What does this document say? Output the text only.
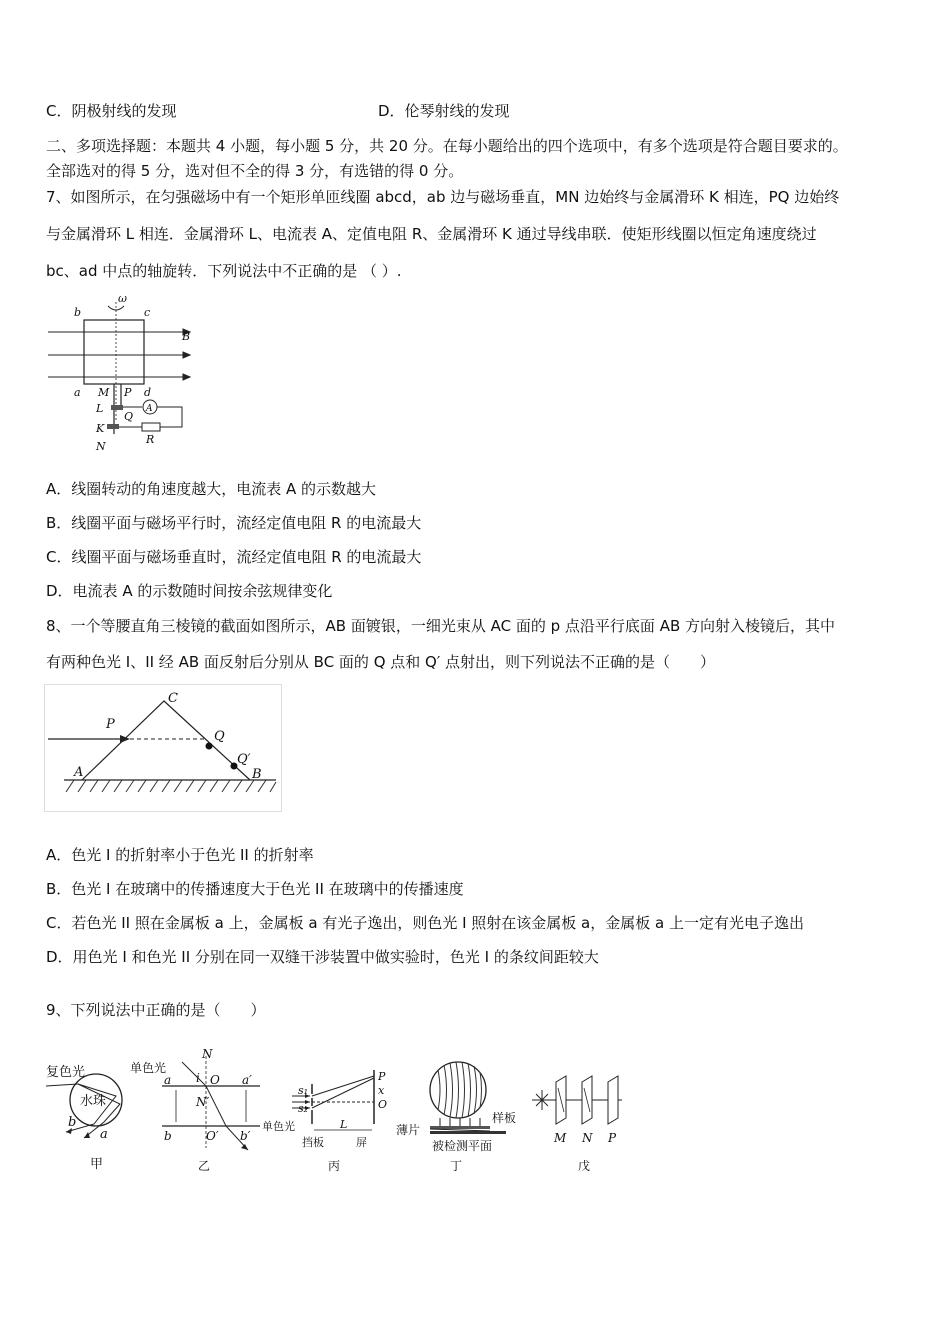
C．阴极射线的发现	D．伦琴射线的发现
二、多项选择题：本题共 4 小题，每小题 5 分，共 20 分。在每小题给出的四个选项中，有多个选项是符合题目要求的。
全部选对的得 5 分，选对但不全的得 3 分，有选错的得 0 分。
7、如图所示，在匀强磁场中有一个矩形单匝线圈 abcd，ab 边与磁场垂直，MN 边始终与金属滑环 K 相连，PQ 边始终
与金属滑环 L 相连．金属滑环 L、电流表 A、定值电阻 R、金属滑环 K 通过导线串联．使矩形线圈以恒定角速度绕过
bc、ad 中点的轴旋转．下列说法中不正确的是 （ ）.
b	c
ω
B
a M P d
L
Q
A
K
R
N
A．线圈转动的角速度越大，电流表 A 的示数越大
B．线圈平面与磁场平行时，流经定值电阻 R 的电流最大
C．线圈平面与磁场垂直时，流经定值电阻 R 的电流最大
D．电流表 A 的示数随时间按余弦规律变化
8、一个等腰直角三棱镜的截面如图所示，AB 面镀银，一细光束从 AC 面的 p 点沿平行底面 AB 方向射入棱镜后，其中
有两种色光 I、II 经 AB 面反射后分别从 BC 面的 Q 点和 Q′ 点射出，则下列说法不正确的是（　　）
C
P
Q
Q′
A	B
A．色光 I 的折射率小于色光 II 的折射率
B．色光 I 在玻璃中的传播速度大于色光 II 在玻璃中的传播速度
C．若色光 II 照在金属板 a 上，金属板 a 有光子逸出，则色光 I 照射在该金属板 a，金属板 a 上一定有光电子逸出
D．用色光 I 和色光 II 分别在同一双缝干涉装置中做实验时，色光 I 的条纹间距较大
9、下列说法中正确的是（　　）
复色光
水珠
b
a
甲
单色光
N
a i O a′
N′
b	O′ b′
乙
s₁
s₂
P
x
O
单色光	L
挡板	屏
丙
薄片
样板
被检测平面
丁
M N P
戊
